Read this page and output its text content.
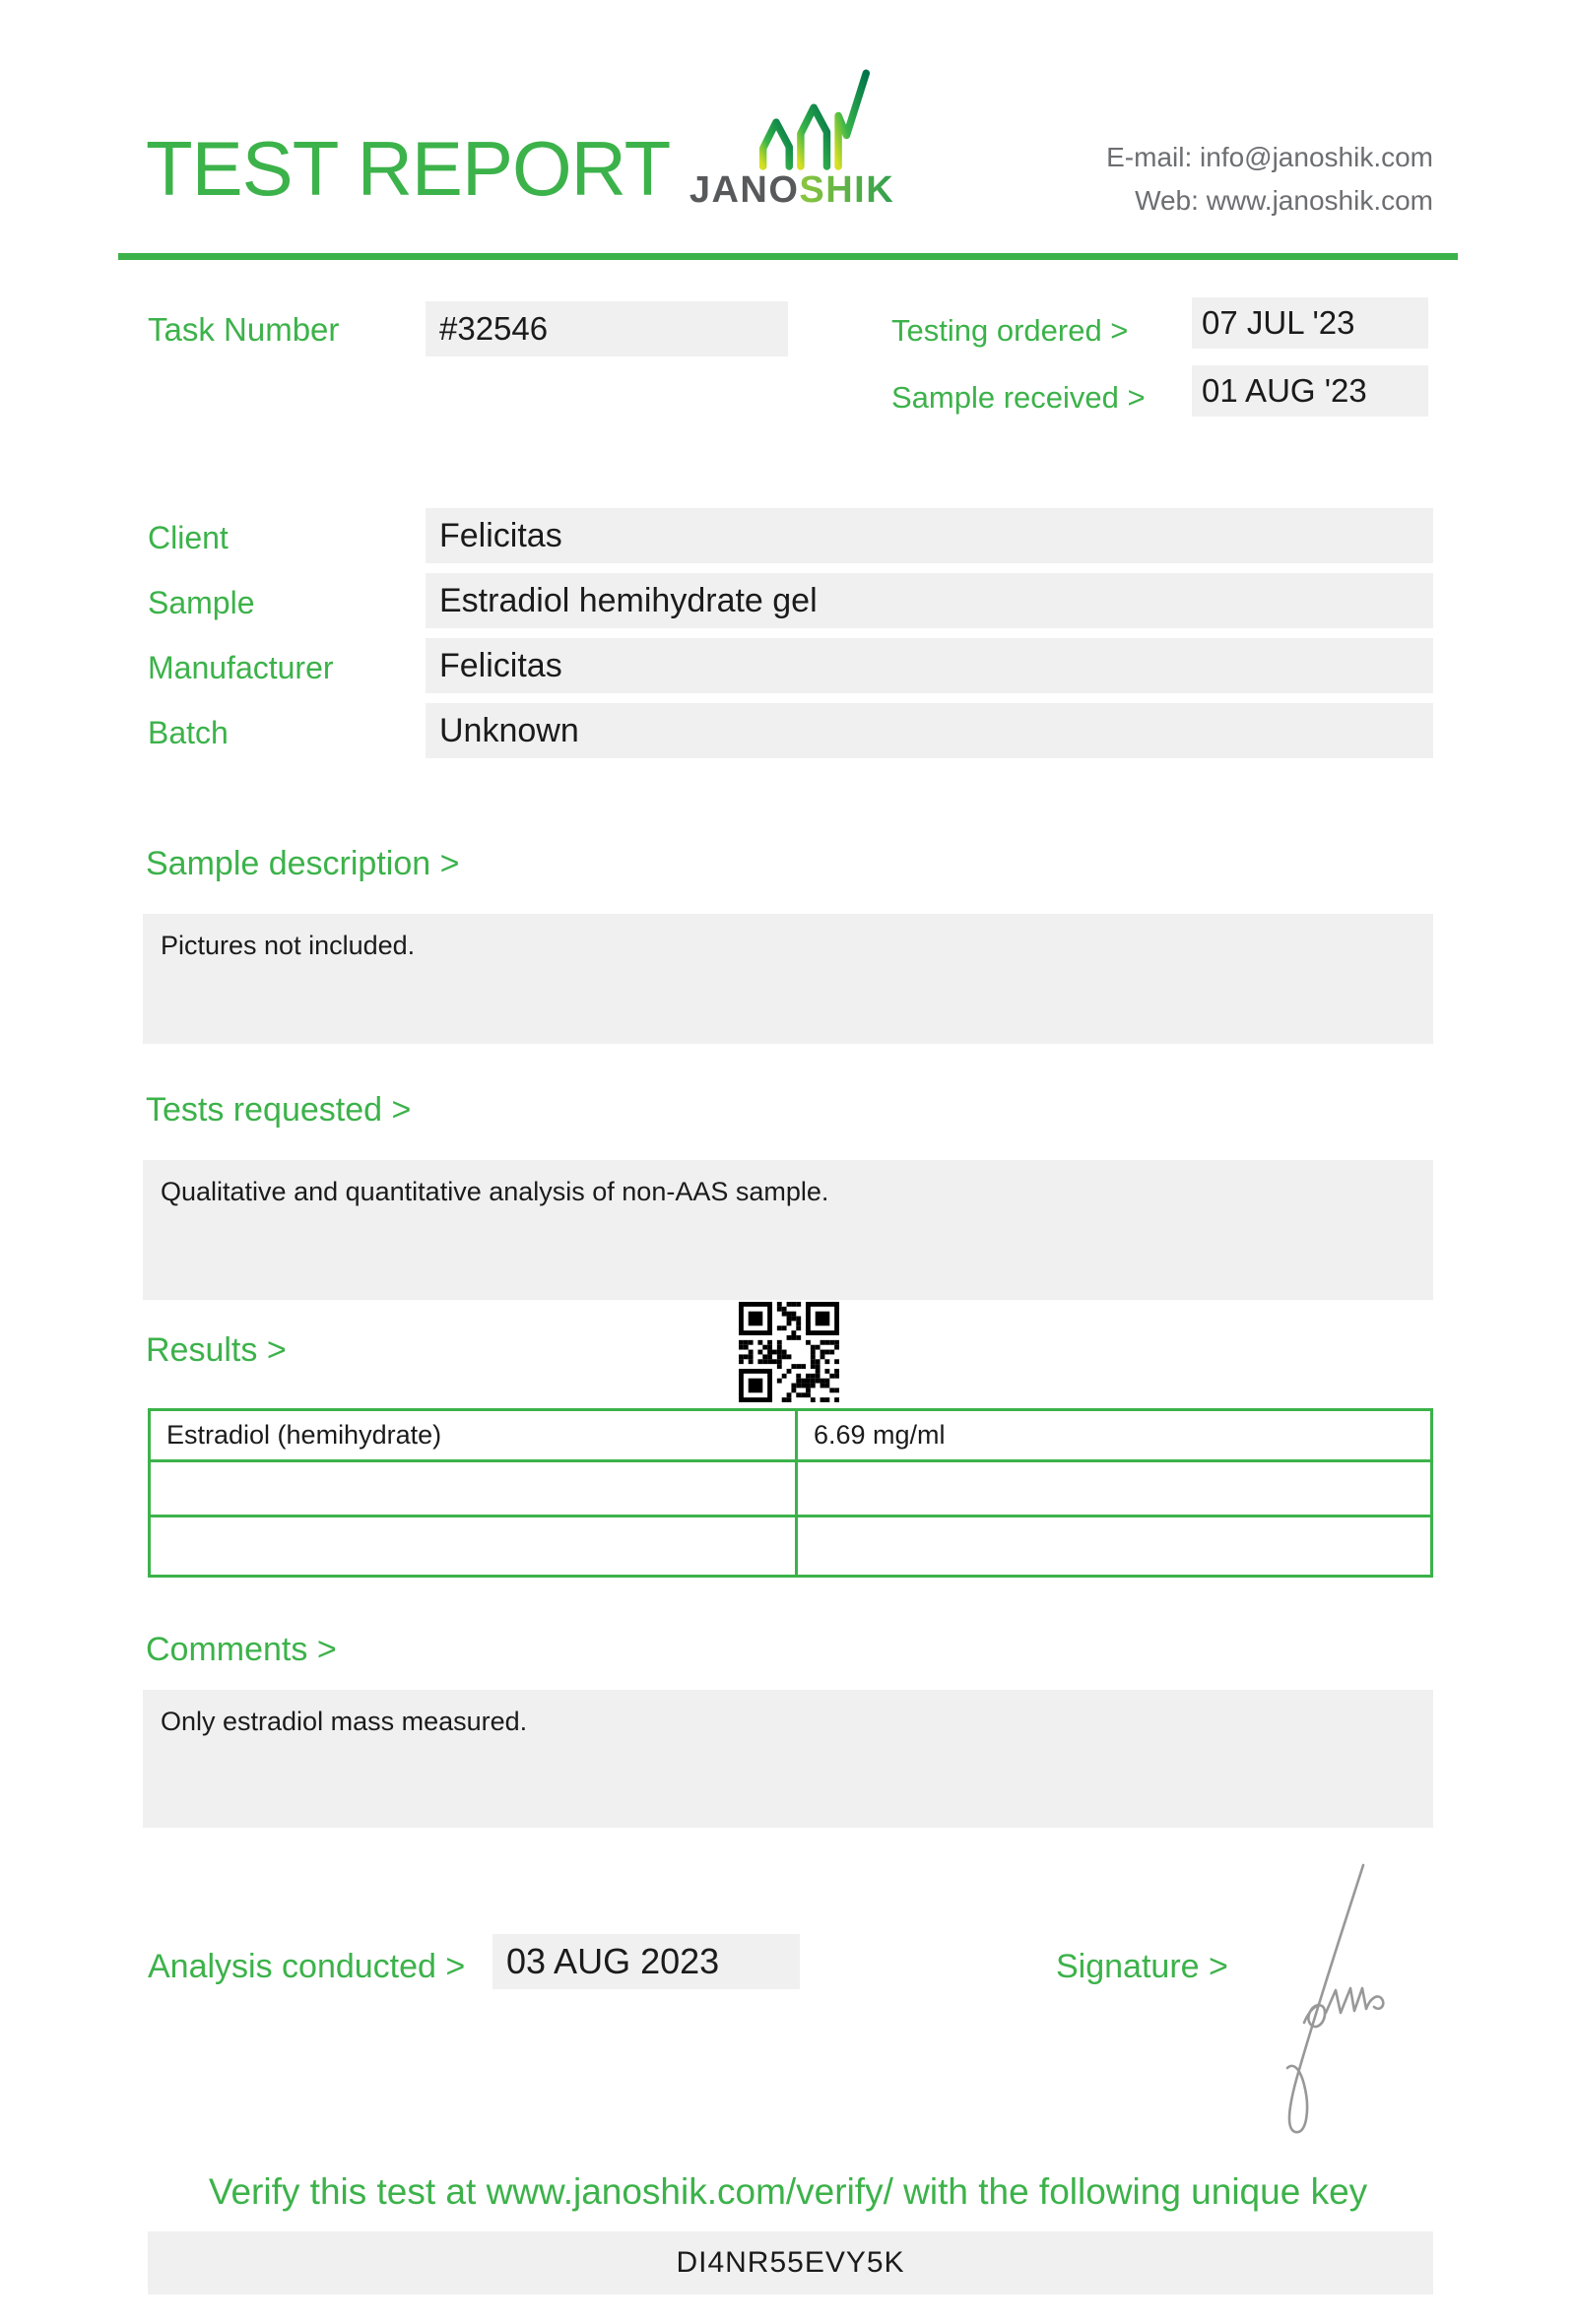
TEST REPORT JANOSHIK
E-mail: info@janoshik.com
Web: www.janoshik.com
Task Number	#32546	Testing ordered >	07 JUL '23
Sample received >	01 AUG '23
Client	Felicitas
Sample	Estradiol hemihydrate gel
Manufacturer	Felicitas
Batch	Unknown
Sample description >
Pictures not included.
Tests requested >
Qualitative and quantitative analysis of non-AAS sample.
Results >
Estradiol (hemihydrate)	6.69 mg/ml
Comments >
Only estradiol mass measured.
Analysis conducted >	03 AUG 2023	Signature >
Verify this test at www.janoshik.com/verify/ with the following unique key
DI4NR55EVY5K
